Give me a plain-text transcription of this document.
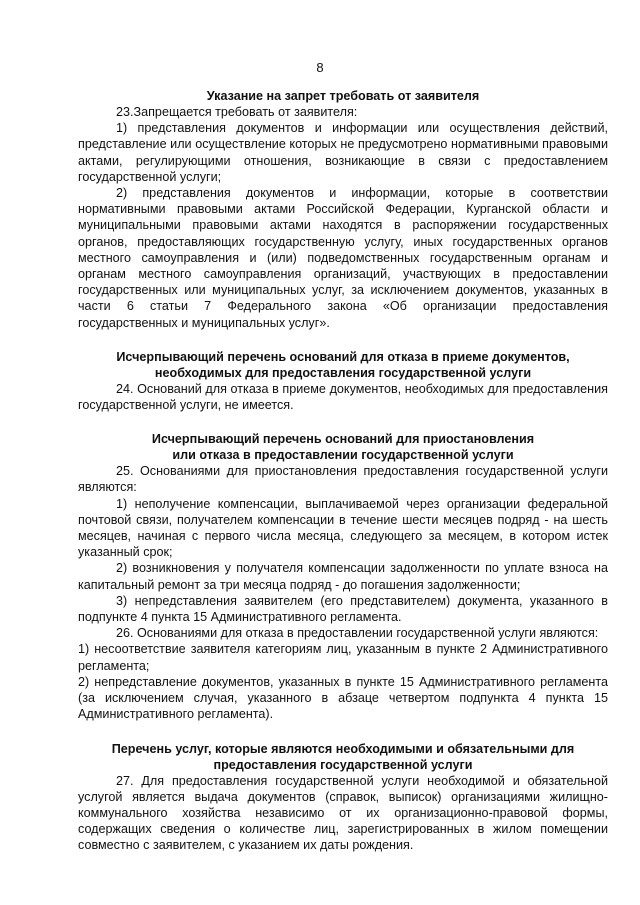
8
Указание на запрет требовать от заявителя

23.Запрещается требовать от заявителя:

1) представления документов и информации или осуществления действий, представление или осуществление которых не предусмотрено нормативными правовыми актами, регулирующими отношения, возникающие в связи с предоставлением государственной услуги;

2) представления документов и информации, которые в соответствии нормативными правовыми актами Российской Федерации, Курганской области и муниципальными правовыми актами находятся в распоряжении государственных органов, предоставляющих государственную услугу, иных государственных органов местного самоуправления и (или) подведомственных государственным органам и органам местного самоуправления организаций, участвующих в предоставлении государственных или муниципальных услуг, за исключением документов, указанных в части 6 статьи 7 Федерального закона «Об организации предоставления государственных и муниципальных услуг».

Исчерпывающий перечень оснований для отказа в приеме документов,
необходимых для предоставления государственной услуги

24. Оснований для отказа в приеме документов, необходимых для предоставления государственной услуги, не имеется.

Исчерпывающий перечень оснований для приостановления
или отказа в предоставлении государственной услуги

25. Основаниями для приостановления предоставления государственной услуги являются:

1) неполучение компенсации, выплачиваемой через организации федеральной почтовой связи, получателем компенсации в течение шести месяцев подряд - на шесть месяцев, начиная с первого числа месяца, следующего за месяцем, в котором истек указанный срок;

2) возникновения у получателя компенсации задолженности по уплате взноса на капитальный ремонт за три месяца подряд - до погашения задолженности;

3) непредставления заявителем (его представителем) документа, указанного в подпункте 4 пункта 15 Административного регламента.

26. Основаниями для отказа в предоставлении государственной услуги являются:

1) несоответствие заявителя категориям лиц, указанным в пункте 2 Административного регламента;

2) непредставление документов, указанных в пункте 15 Административного регламента (за исключением случая, указанного в абзаце четвертом подпункта 4 пункта 15 Административного регламента).

Перечень услуг, которые являются необходимыми и обязательными для
предоставления государственной услуги

27. Для предоставления государственной услуги необходимой и обязательной услугой является выдача документов (справок, выписок) организациями жилищно-коммунального хозяйства независимо от их организационно-правовой формы, содержащих сведения о количестве лиц, зарегистрированных в жилом помещении совместно с заявителем, с указанием их даты рождения.
